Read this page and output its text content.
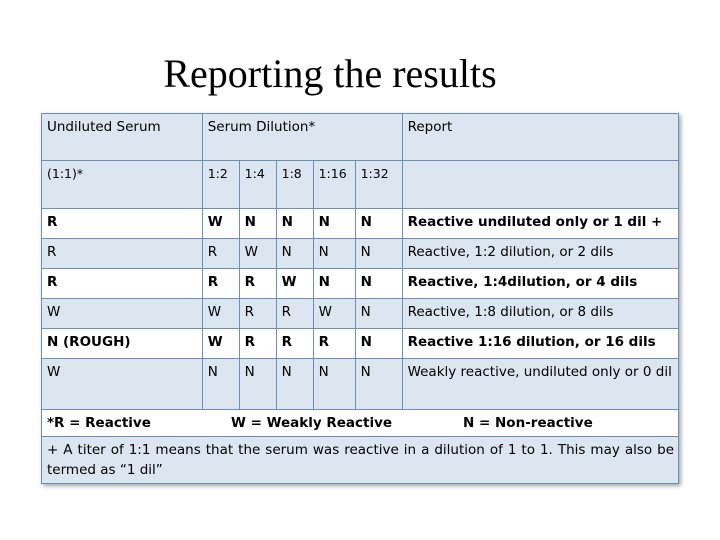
Reporting the results
Undiluted Serum	Serum Dilution*					Report
(1:1)*	1:2	1:4	1:8	1:16	1:32	
R	W	N	N	N	N	Reactive undiluted only or 1 dil +
R	R	W	N	N	N	Reactive, 1:2 dilution, or 2 dils
R	R	R	W	N	N	Reactive, 1:4dilution, or 4 dils
W	W	R	R	W	N	Reactive, 1:8 dilution, or 8 dils
N (ROUGH)	W	R	R	R	N	Reactive 1:16 dilution, or 16 dils
W	N	N	N	N	N	Weakly reactive, undiluted only or 0 dil
*R = Reactive W = Weakly Reactive N = Non-reactive						
+ A titer of 1:1 means that the serum was reactive in a dilution of 1 to 1. This may also be termed as “1 dil”						
